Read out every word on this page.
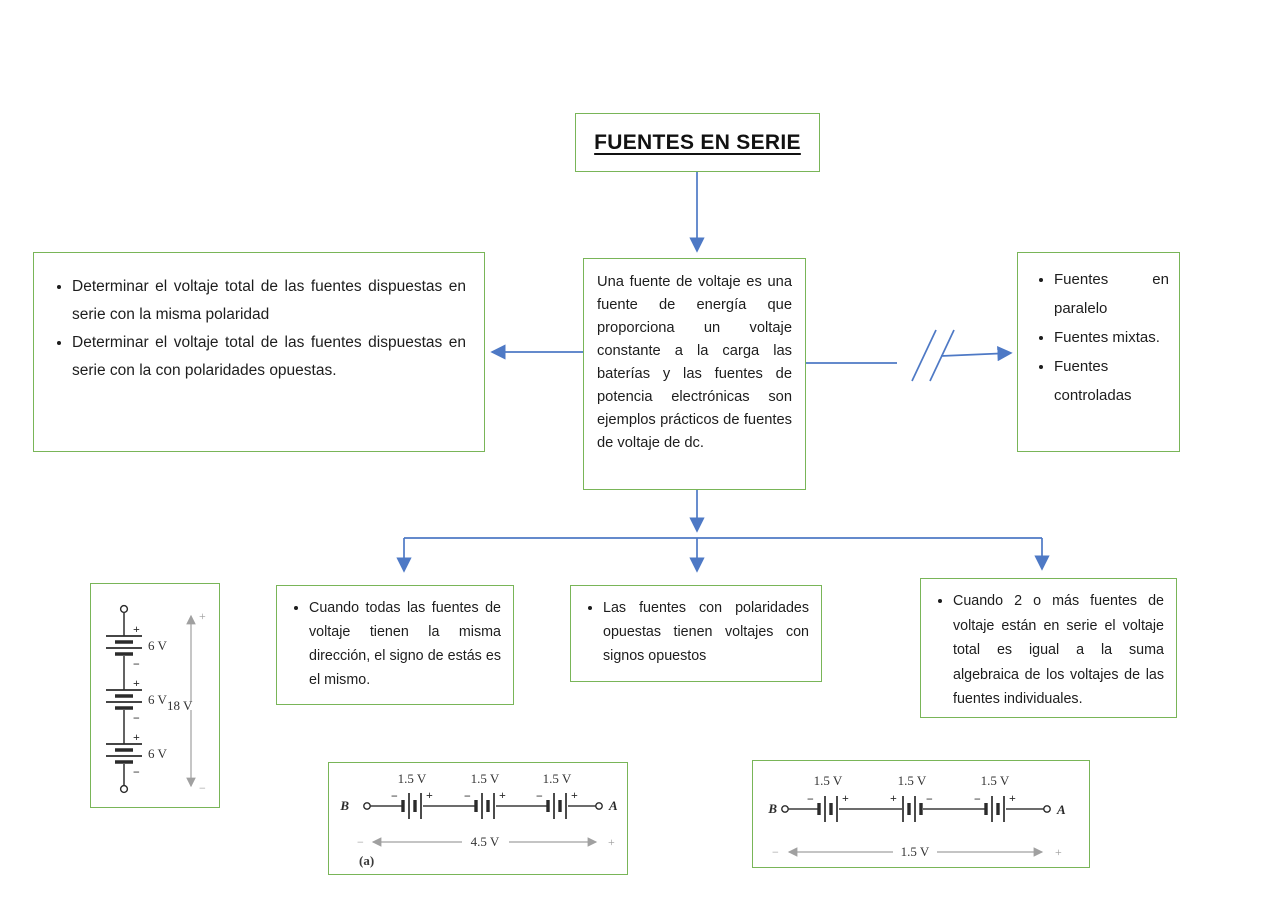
FUENTES EN SERIE

Una fuente de voltaje es una fuente de energía que proporciona un voltaje constante a la carga las baterías y las fuentes de potencia electrónicas son ejemplos prácticos de fuentes de voltaje de dc.

• Determinar el voltaje total de las fuentes dispuestas en serie con la misma polaridad
• Determinar el voltaje total de las fuentes dispuestas en serie con la con polaridades opuestas.
• Fuentes en paralelo
• Fuentes mixtas.
• Fuentes controladas
• Cuando todas las fuentes de voltaje tienen la misma dirección, el signo de estás es el mismo.
• Las fuentes con polaridades opuestas tienen voltajes con signos opuestos
• Cuando 2 o más fuentes de voltaje están en serie el voltaje total es igual a la suma algebraica de los voltajes de las fuentes individuales.
+
−
6 V
+
−
6 V
+
−
6 V
+
−
18 V
B
1.5 V
− +
1.5 V
− +
1.5 V
− +
A
−	+
4.5 V
(a)
B
1.5 V
− +
1.5 V
+ −
1.5 V
− +
A
−	+
1.5 V
